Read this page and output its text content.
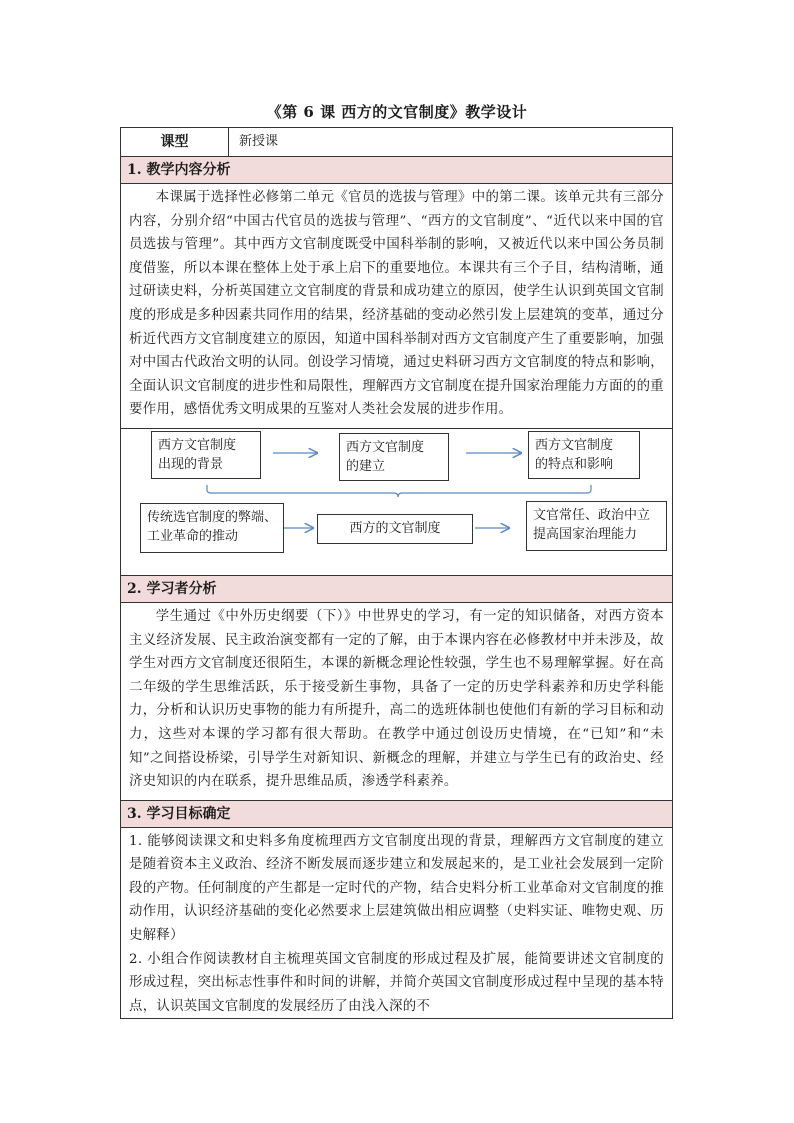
《第 6 课 西方的文官制度》教学设计
课型	新授课
1. 教学内容分析

本课属于选择性必修第二单元《官员的选拔与管理》中的第二课。该单元共有三部分内容，分别介绍“中国古代官员的选拔与管理”、“西方的文官制度”、“近代以来中国的官员选拔与管理”。其中西方文官制度既受中国科举制的影响，又被近代以来中国公务员制度借鉴，所以本课在整体上处于承上启下的重要地位。本课共有三个子目，结构清晰，通过研读史料，分析英国建立文官制度的背景和成功建立的原因，使学生认识到英国文官制度的形成是多种因素共同作用的结果，经济基础的变动必然引发上层建筑的变革，通过分析近代西方文官制度建立的原因，知道中国科举制对西方文官制度产生了重要影响，加强对中国古代政治文明的认同。创设学习情境，通过史料研习西方文官制度的特点和影响，全面认识文官制度的进步性和局限性，理解西方文官制度在提升国家治理能力方面的的重要作用，感悟优秀文明成果的互鉴对人类社会发展的进步作用。

西方文官制度
出现的背景
西方文官制度
的建立
西方文官制度
的特点和影响
传统选官制度的弊端、
工业革命的推动
西方的文官制度
文官常任、政治中立
提高国家治理能力

2. 学习者分析

学生通过《中外历史纲要（下）》中世界史的学习，有一定的知识储备，对西方资本主义经济发展、民主政治演变都有一定的了解，由于本课内容在必修教材中并未涉及，故学生对西方文官制度还很陌生，本课的新概念理论性较强，学生也不易理解掌握。好在高二年级的学生思维活跃，乐于接受新生事物，具备了一定的历史学科素养和历史学科能力，分析和认识历史事物的能力有所提升，高二的选班体制也使他们有新的学习目标和动力，这些对本课的学习都有很大帮助。在教学中通过创设历史情境，在“已知”和“未知”之间搭设桥梁，引导学生对新知识、新概念的理解，并建立与学生已有的政治史、经济史知识的内在联系，提升思维品质，渗透学科素养。

3. 学习目标确定

1. 能够阅读课文和史料多角度梳理西方文官制度出现的背景，理解西方文官制度的建立是随着资本主义政治、经济不断发展而逐步建立和发展起来的，是工业社会发展到一定阶段的产物。任何制度的产生都是一定时代的产物，结合史料分析工业革命对文官制度的推动作用，认识经济基础的变化必然要求上层建筑做出相应调整（史料实证、唯物史观、历史解释）

2. 小组合作阅读教材自主梳理英国文官制度的形成过程及扩展，能简要讲述文官制度的形成过程，突出标志性事件和时间的讲解，并简介英国文官制度形成过程中呈现的基本特点，认识英国文官制度的发展经历了由浅入深的不
